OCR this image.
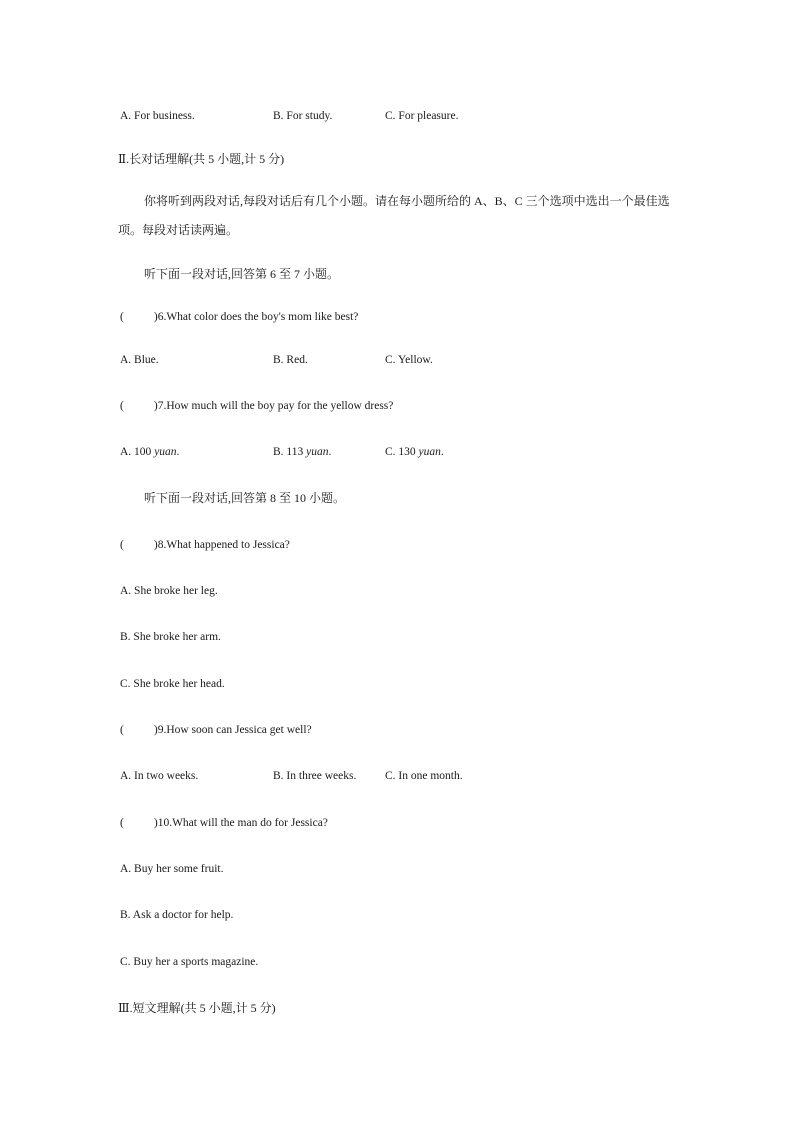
A. For business.	B. For study.	C. For pleasure.
Ⅱ.长对话理解(共 5 小题,计 5 分)
你将听到两段对话,每段对话后有几个小题。请在每小题所给的 A、B、C 三个选项中选出一个最佳选项。每段对话读两遍。
听下面一段对话,回答第 6 至 7 小题。
(	)6.What color does the boy's mom like best?
A. Blue.	B. Red.	C. Yellow.
(	)7.How much will the boy pay for the yellow dress?
A. 100 yuan.	B. 113 yuan.	C. 130 yuan.
听下面一段对话,回答第 8 至 10 小题。
(	)8.What happened to Jessica?
A. She broke her leg.
B. She broke her arm.
C. She broke her head.
(	)9.How soon can Jessica get well?
A. In two weeks.	B. In three weeks. C. In one month.
(	)10.What will the man do for Jessica?
A. Buy her some fruit.
B. Ask a doctor for help.
C. Buy her a sports magazine.
Ⅲ.短文理解(共 5 小题,计 5 分)
